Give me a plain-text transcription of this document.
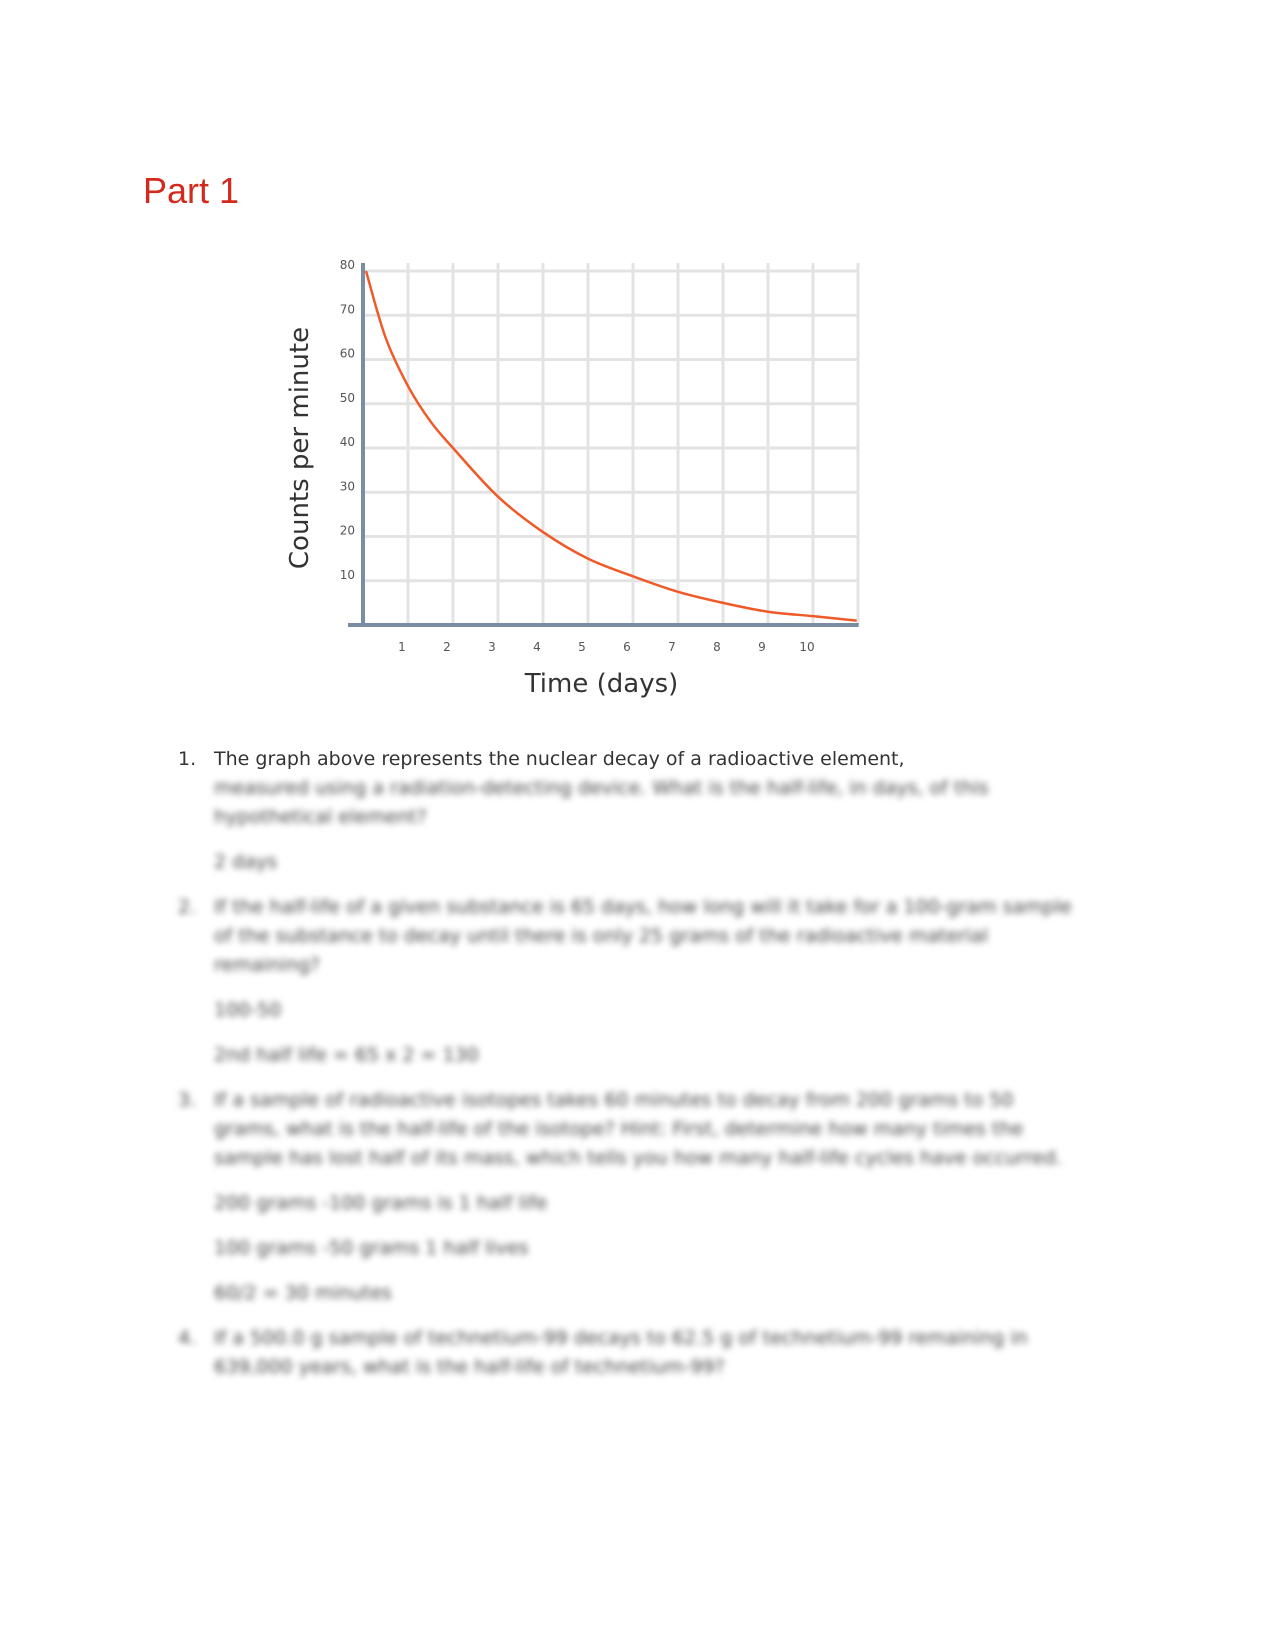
Part 1
10
20
30
40
50
60
70
80
1	2	3	4	5	6	7	8	9	10
Time (days)
Counts per minute

1. The graph above represents the nuclear decay of a radioactive element,
measured using a radiation-detecting device. What is the half-life, in days, of this hypothetical element?

2 days

2. If the half-life of a given substance is 65 days, how long will it take for a 100-gram sample of the substance to decay until there is only 25 grams of the radioactive material remaining?

100-50

2nd half life = 65 x 2 = 130

3. If a sample of radioactive isotopes takes 60 minutes to decay from 200 grams to 50 grams, what is the half-life of the isotope? Hint: First, determine how many times the sample has lost half of its mass, which tells you how many half-life cycles have occurred.

200 grams -100 grams is 1 half life

100 grams -50 grams 1 half lives

60/2 = 30 minutes

4. If a 500.0 g sample of technetium-99 decays to 62.5 g of technetium-99 remaining in 639,000 years, what is the half-life of technetium-99?
